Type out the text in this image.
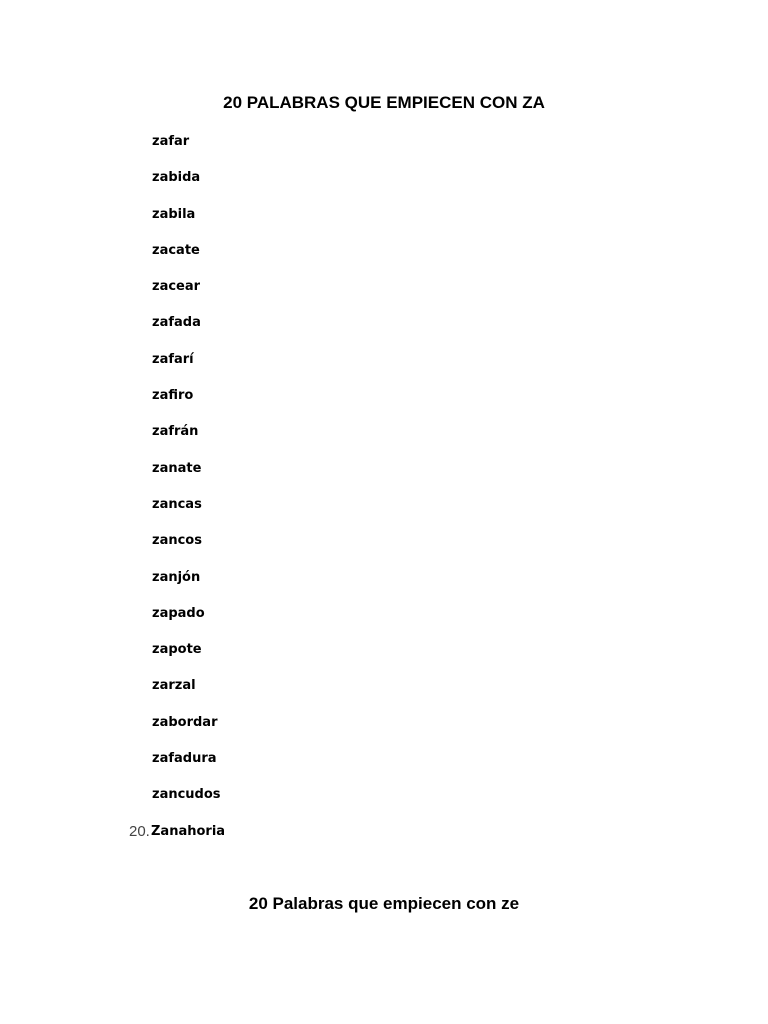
20 PALABRAS QUE EMPIECEN CON ZA
zafar
zabida
zabila
zacate
zacear
zafada
zafarí
zafiro
zafrán
zanate
zancas
zancos
zanjón
zapado
zapote
zarzal
zabordar
zafadura
zancudos
20. Zanahoria
20 Palabras que empiecen con ze
